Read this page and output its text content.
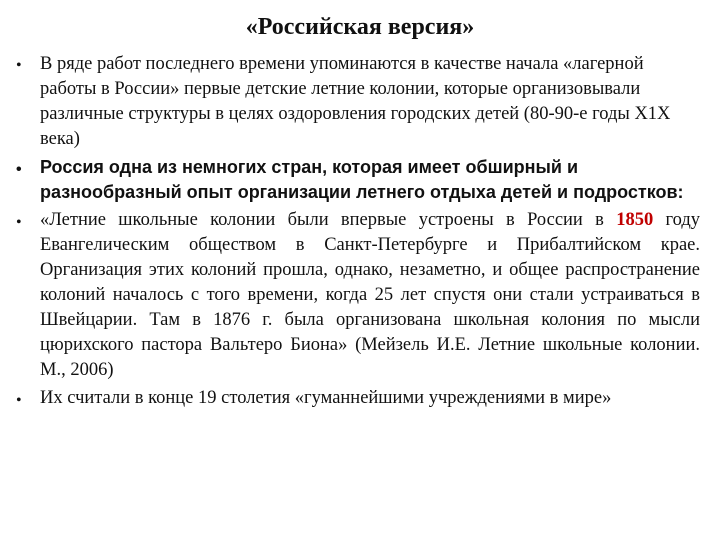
«Российская версия»
• В ряде работ последнего времени упоминаются в качестве начала «лагерной работы в России» первые детские летние колонии, которые организовывали различные структуры в целях оздоровления городских детей (80-90-е годы Х1Х века)
• Россия одна из немногих стран, которая имеет обширный и разнообразный опыт организации летнего отдыха детей и подростков:
• «Летние школьные колонии были впервые устроены в России в 1850 году Евангелическим обществом в Санкт-Петербурге и Прибалтийском крае. Организация этих колоний прошла, однако, незаметно, и общее распространение колоний началось с того времени, когда 25 лет спустя они стали устраиваться в Швейцарии. Там в 1876 г. была организована школьная колония по мысли цюрихского пастора Вальтеро Биона» (Мейзель И.Е. Летние школьные колонии. М., 2006)
• Их считали в конце 19 столетия «гуманнейшими учреждениями в мире»
